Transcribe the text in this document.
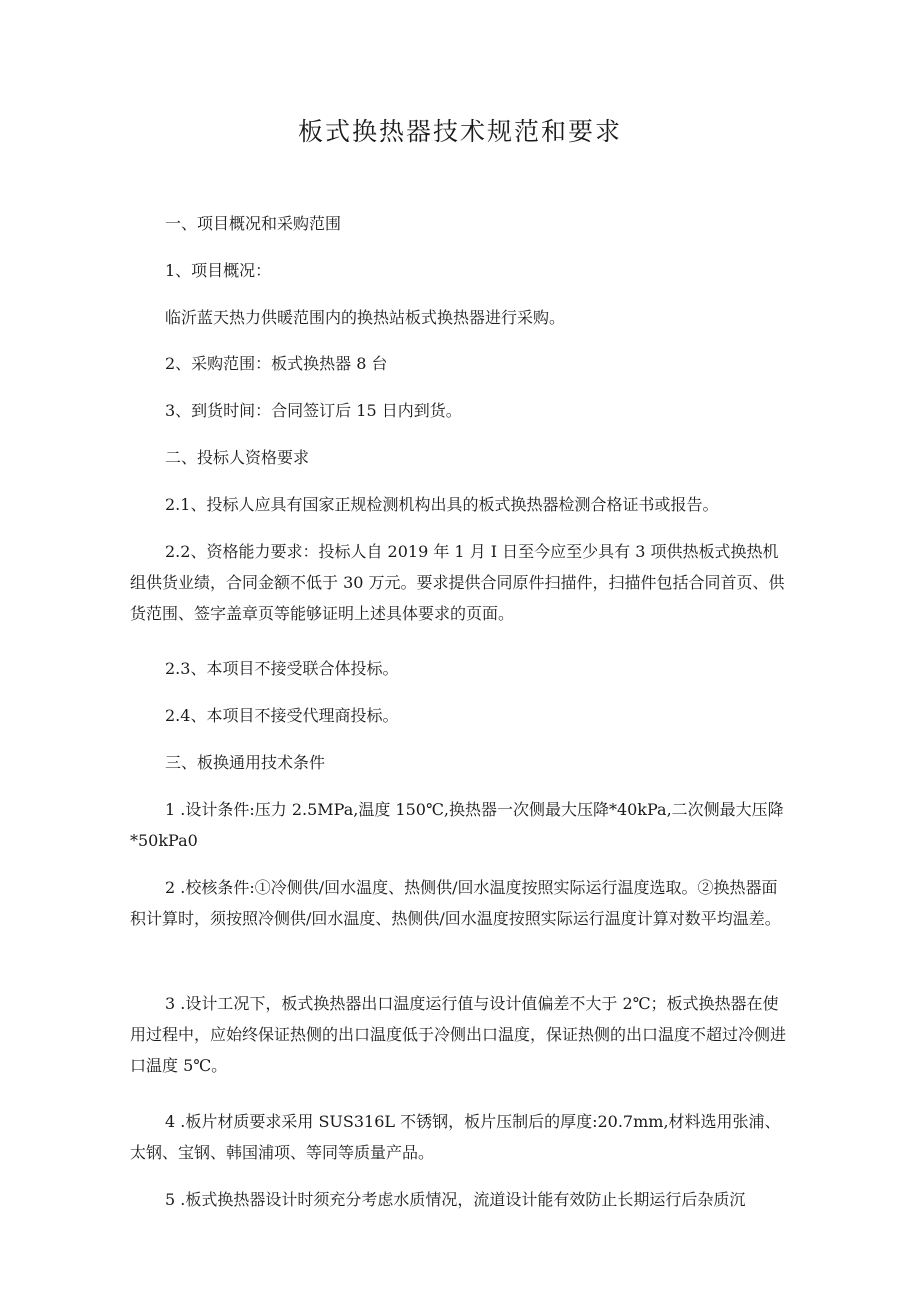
板式换热器技术规范和要求

一、项目概况和采购范围

1、项目概况：

临沂蓝天热力供暖范围内的换热站板式换热器进行采购。

2、采购范围：板式换热器 8 台

3、到货时间：合同签订后 15 日内到货。

二、投标人资格要求

2.1、投标人应具有国家正规检测机构出具的板式换热器检测合格证书或报告。

2.2、资格能力要求：投标人自 2019 年 1 月 I 日至今应至少具有 3 项供热板式换热机组供货业绩，合同金额不低于 30 万元。要求提供合同原件扫描件，扫描件包括合同首页、供货范围、签字盖章页等能够证明上述具体要求的页面。

2.3、本项目不接受联合体投标。

2.4、本项目不接受代理商投标。

三、板换通用技术条件

1 .设计条件:压力 2.5MPa,温度 150℃,换热器一次侧最大压降*40kPa,二次侧最大压降*50kPa0

2 .校核条件:①冷侧供/回水温度、热侧供/回水温度按照实际运行温度选取。②换热器面积计算时，须按照冷侧供/回水温度、热侧供/回水温度按照实际运行温度计算对数平均温差。

3 .设计工况下，板式换热器出口温度运行值与设计值偏差不大于 2℃；板式换热器在使用过程中，应始终保证热侧的出口温度低于冷侧出口温度，保证热侧的出口温度不超过冷侧进口温度 5℃。

4 .板片材质要求采用 SUS316L 不锈钢，板片压制后的厚度:20.7mm,材料选用张浦、太钢、宝钢、韩国浦项、等同等质量产品。

5 .板式换热器设计时须充分考虑水质情况，流道设计能有效防止长期运行后杂质沉
